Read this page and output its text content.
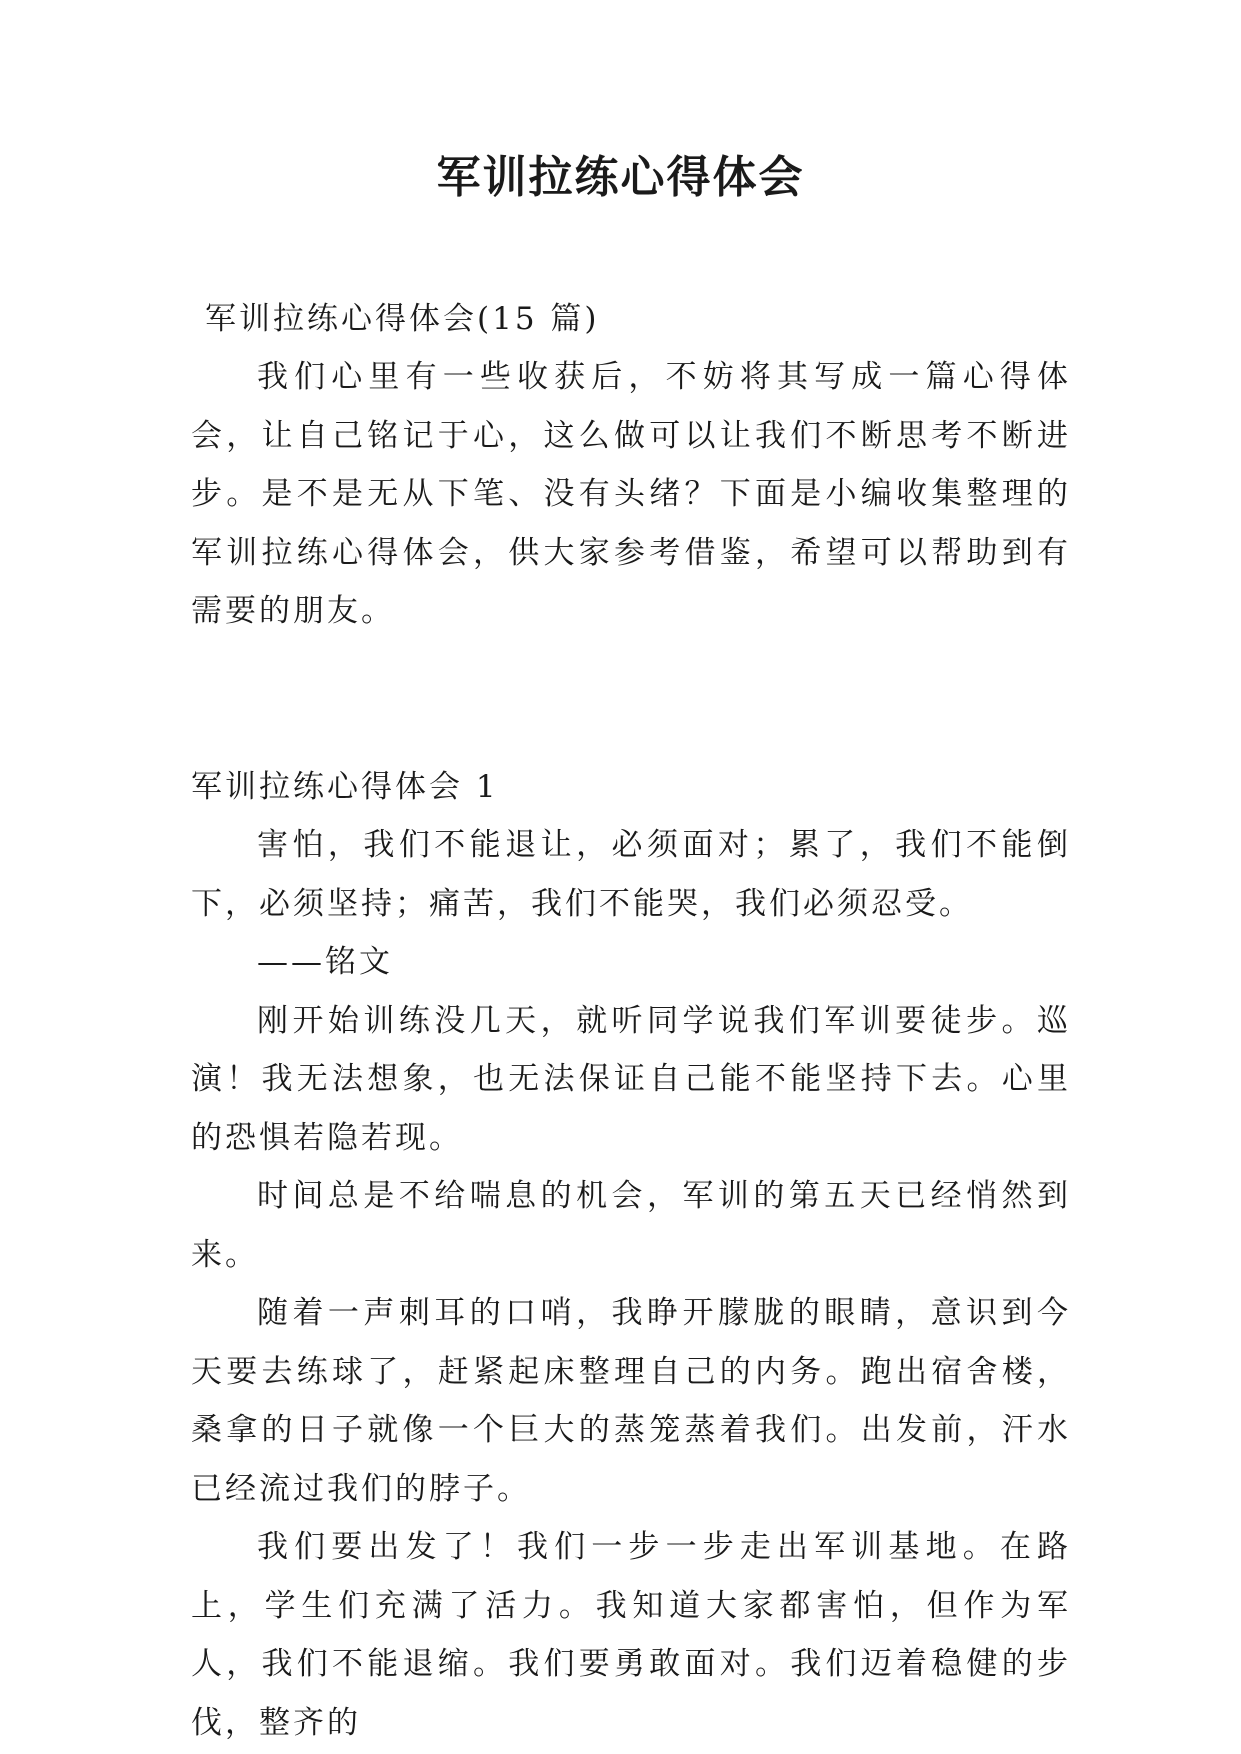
军训拉练心得体会

军训拉练心得体会(15 篇)

我们心里有一些收获后，不妨将其写成一篇心得体会，让自己铭记于心，这么做可以让我们不断思考不断进步。是不是无从下笔、没有头绪？下面是小编收集整理的军训拉练心得体会，供大家参考借鉴，希望可以帮助到有需要的朋友。

军训拉练心得体会 1

害怕，我们不能退让，必须面对；累了，我们不能倒下，必须坚持；痛苦，我们不能哭，我们必须忍受。

——铭文

刚开始训练没几天，就听同学说我们军训要徒步。巡演！我无法想象，也无法保证自己能不能坚持下去。心里的恐惧若隐若现。

时间总是不给喘息的机会，军训的第五天已经悄然到来。

随着一声刺耳的口哨，我睁开朦胧的眼睛，意识到今天要去练球了，赶紧起床整理自己的内务。跑出宿舍楼，桑拿的日子就像一个巨大的蒸笼蒸着我们。出发前，汗水已经流过我们的脖子。

我们要出发了！我们一步一步走出军训基地。在路上，学生们充满了活力。我知道大家都害怕，但作为军人，我们不能退缩。我们要勇敢面对。我们迈着稳健的步伐，整齐的
